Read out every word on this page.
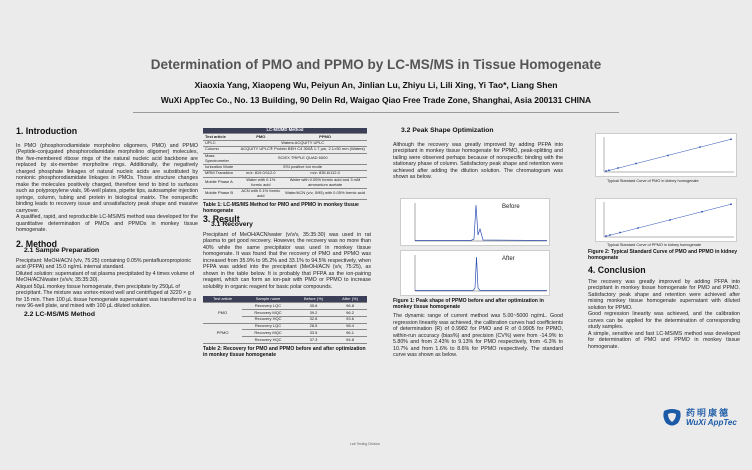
Determination of PMO and PPMO by LC-MS/MS in Tissue Homogenate
Xiaoxia Yang, Xiaopeng Wu, Peiyun An, Jinlian Lu, Zhiyu Li, Lili Xing, Yi Tao*, Liang Shen
WuXi AppTec Co., No. 13 Building, 90 Delin Rd, Waigao Qiao Free Trade Zone, Shanghai, Asia 200131 CHINA
1. Introduction

In PMO (phosphorodiamidate morpholino oligomers, PMO) and PPMO (Peptide-conjugated phosphorodiamidate morpholino oligomer) molecules, the five-membered ribose rings of the natural nucleic acid backbone are replaced by six-member morpholine rings. Additionally, the negatively charged phosphate linkages of natural nucleic acids are substituted by nonionic phosphorodiamidate linkages in PMOs. Those structure changes make the molecules positively charged, therefore tend to bind to surfaces such as polypropylene vials, 96-well plates, pipette tips, autosampler injection syringe, column, tubing and protein in biological matrix. The nonspecific binding leads to recovery issue and unsatisfactory peak shape and massive carryover.

A qualified, rapid, and reproducible LC-MS/MS method was developed for the quantitative determination of PMOs and PPMOs in monkey tissue homogenate.

2. Method
2.1 Sample Preparation

Precipitant: MeOH/ACN (v/v, 75:25) containing 0.05% pentafluoropropionic acid (PFPA) and 15.0 ng/mL internal standard.

Diluted solution: supernatant of rat plasma precipitated by 4 times volume of MeOH/ACN/water (v/v/v, 35:35:30).

Aliquot 50µL monkey tissue homogenate, then precipitate by 250µL of precipitant. The mixture was vortex-mixed well and centrifuged at 3220 × g for 15 min. Then 100 µL tissue homogenate supernatant was transferred to a new 96-well plate, and mixed with 100 µL diluted solution.

2.2 LC-MS/MS Method
LC-MS/MD Method		
Test article	PMO	PPMO
UPLC	Waters ACQUITY UPLC	
Column	ACQUITY UPLC® Protein BEH C4 300Å 1.7 µm, 2.1×50 mm (Waters)	
Mass Spectrometer	SCIEX TRIPLE QUAD 6500	
Ionization Mode	ESI positive ion mode	
MRM Transition	m/z: 819.0/112.0	m/z: 835.6/112.0
Mobile Phase A	Water with 0.1% formic acid	Water with 0.05% formic acid and 3 mM ammonium acetate
Mobile Phase B	ACN with 0.1% formic acid	Water/ACN (v/v, 5/95) with 0.05% formic acid
Table 1: LC-MS/MS Method for PMO and PPMO in monkey tissue homogenate
3. Result
3.1 Recovery

Precipitant of MeOH/ACN/water (v/v/v, 35:35:30) was used in rat plasma to get good recovery. However, the recovery was no more than 40% while the same precipitator was used in monkey tissue homogenate. It was found that the recovery of PMO and PPMO was increased from 35.9% to 95.2% and 33.1% to 94.5% respectively, when PFPA was added into the precipitant (MeOH/ACN (v/v, 75:25), as shown in the table below. It is probably that PFPA as the ion-pairing reagent, which can form an ion-pair with PMO or PPMO to increase solubility in organic reagent for basic polar compounds.

Test article	Sample name	Before (%)	After (%)
PMO	Recovery LQC	35.6	96.8
	Recovery MQC	39.2	96.2
	Recovery HQC	32.8	93.6
PPMO	Recovery LQC	28.5	98.4
	Recovery MQC	33.5	96.1
	Recovery HQC	37.3	94.8
Table 2: Recovery for PMO and PPMO before and after optimization in monkey tissue homogenate
3.2 Peak Shape Optimization

Although the recovery was greatly improved by adding PFPA into precipitant in monkey tissue homogenate for PPMO, peak-splitting and tailing were observed perhaps because of nonspecific binding with the stationary phase of column. Satisfactory peak shape and retention were achieved after adding the dilution solution. The chromatogram was shown as below.

Before
After
Figure 1: Peak shape of PPMO before and after optimization in monkey tissue homogenate

The dynamic range of current method was 5.00~5000 ng/mL. Good regression linearity was achieved, the calibration curves had coefficients of determination (R) of 0.9982 for PMO and R of 0.9905 for PPMO, within-run accuracy (bias%) and precision (CV%) were from -14.9% to 5.80% and from 2.43% to 9.13% for PMO respectively, from -6.3% to 10.7% and from 1.6% to 8.6% for PPMO respectively. The standard curve was shown as below.

Typical Standard Curve of PMO in kidney homogenate
Typical Standard Curve of PPMO in kidney homogenate
Figure 2: Typical Standard Curve of PMO and PPMO in kidney homogenate
4. Conclusion

The recovery was greatly improved by adding PFPA into precipitant in monkey tissue homogenate for PMO and PPMO. Satisfactory peak shape and retention were achieved after mixing monkey tissue homogenate supernatant with diluted solution for PPMO.

Good regression linearity was achieved, and the calibration curves can be applied for the determination of corresponding study samples.

A simple, sensitive and fast LC-MS/MS method was developed for determination of PMO and PPMO in monkey tissue homogenate.

药明康德
WuXi AppTec
Lab Testing Division
